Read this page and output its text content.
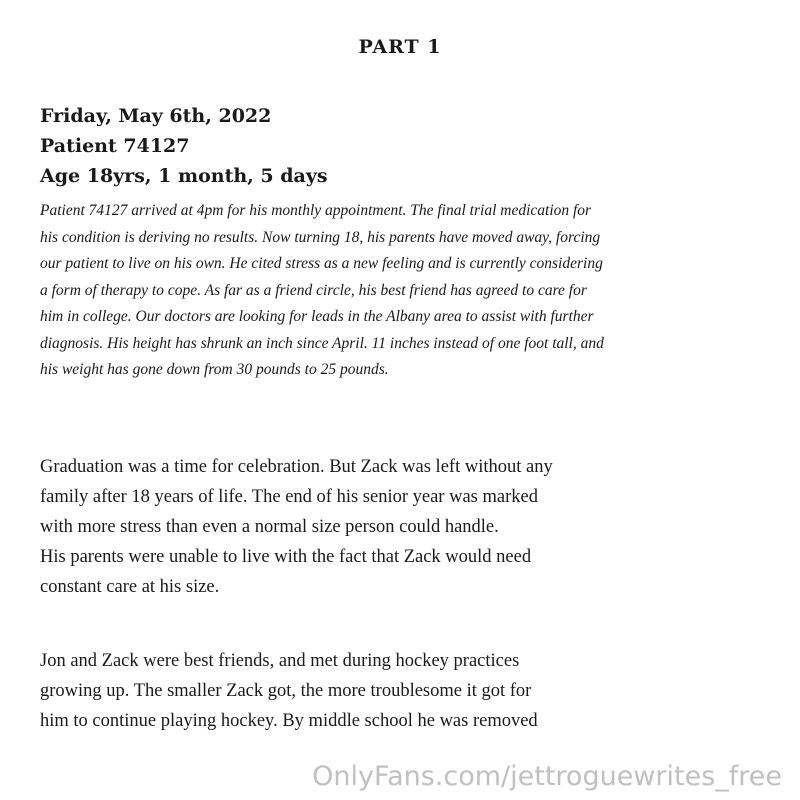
PART 1
Friday, May 6th, 2022
Patient 74127
Age 18yrs, 1 month, 5 days
Patient 74127 arrived at 4pm for his monthly appointment. The final trial medication for
his condition is deriving no results. Now turning 18, his parents have moved away, forcing
our patient to live on his own. He cited stress as a new feeling and is currently considering
a form of therapy to cope. As far as a friend circle, his best friend has agreed to care for
him in college. Our doctors are looking for leads in the Albany area to assist with further
diagnosis. His height has shrunk an inch since April. 11 inches instead of one foot tall, and
his weight has gone down from 30 pounds to 25 pounds.
Graduation was a time for celebration. But Zack was left without any
family after 18 years of life. The end of his senior year was marked
with more stress than even a normal size person could handle.
His parents were unable to live with the fact that Zack would need
constant care at his size.
Jon and Zack were best friends, and met during hockey practices
growing up. The smaller Zack got, the more troublesome it got for
him to continue playing hockey. By middle school he was removed
OnlyFans.com/jettroguewrites_free
